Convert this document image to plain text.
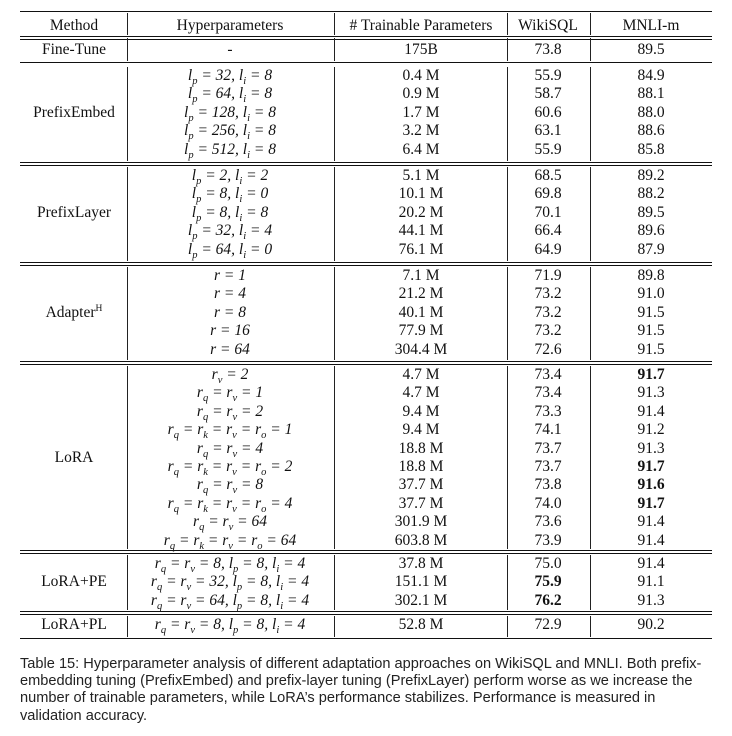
Method	Hyperparameters	# Trainable Parameters	WikiSQL	MNLI-m
Fine-Tune	-	175B	73.8	89.5
PrefixEmbed
$l_p = 32$, $l_i = 8$	0.4 M	55.9	84.9
$l_p = 64$, $l_i = 8$	0.9 M	58.7	88.1
$l_p = 128$, $l_i = 8$	1.7 M	60.6	88.0
$l_p = 256$, $l_i = 8$	3.2 M	63.1	88.6
$l_p = 512$, $l_i = 8$	6.4 M	55.9	85.8
PrefixLayer
$l_p = 2$, $l_i = 2$	5.1 M	68.5	89.2
$l_p = 8$, $l_i = 0$	10.1 M	69.8	88.2
$l_p = 8$, $l_i = 8$	20.2 M	70.1	89.5
$l_p = 32$, $l_i = 4$	44.1 M	66.4	89.6
$l_p = 64$, $l_i = 0$	76.1 M	64.9	87.9
Adapter$^H$
r = 1	7.1 M	71.9	89.8
r = 4	21.2 M	73.2	91.0
r = 8	40.1 M	73.2	91.5
r = 16	77.9 M	73.2	91.5
r = 64	304.4 M	72.6	91.5
LoRA
$r_v = 2$	4.7 M	73.4	91.7
$r_q = r_v = 1$	4.7 M	73.4	91.3
$r_q = r_v = 2$	9.4 M	73.3	91.4
$r_q = r_k = r_v = r_o = 1$	9.4 M	74.1	91.2
$r_q = r_v = 4$	18.8 M	73.7	91.3
$r_q = r_k = r_v = r_o = 2$	18.8 M	73.7	91.7
$r_q = r_v = 8$	37.7 M	73.8	91.6
$r_q = r_k = r_v = r_o = 4$	37.7 M	74.0	91.7
$r_q = r_v = 64$	301.9 M	73.6	91.4
$r_q = r_k = r_v = r_o = 64$	603.8 M	73.9	91.4
LoRA+PE
$r_q = r_v = 8$, $l_p = 8$, $l_i = 4$	37.8 M	75.0	91.4
$r_q = r_v = 32$, $l_p = 8$, $l_i = 4$	151.1 M	75.9	91.1
$r_q = r_v = 64$, $l_p = 8$, $l_i = 4$	302.1 M	76.2	91.3
LoRA+PL	$r_q = r_v = 8$, $l_p = 8$, $l_i = 4$	52.8 M	72.9	90.2
Table 15: Hyperparameter analysis of different adaptation approaches on WikiSQL and MNLI. Both prefix-embedding tuning (PrefixEmbed) and prefix-layer tuning (PrefixLayer) perform worse as we increase the number of trainable parameters, while LoRA’s performance stabilizes. Performance is measured in validation accuracy.
